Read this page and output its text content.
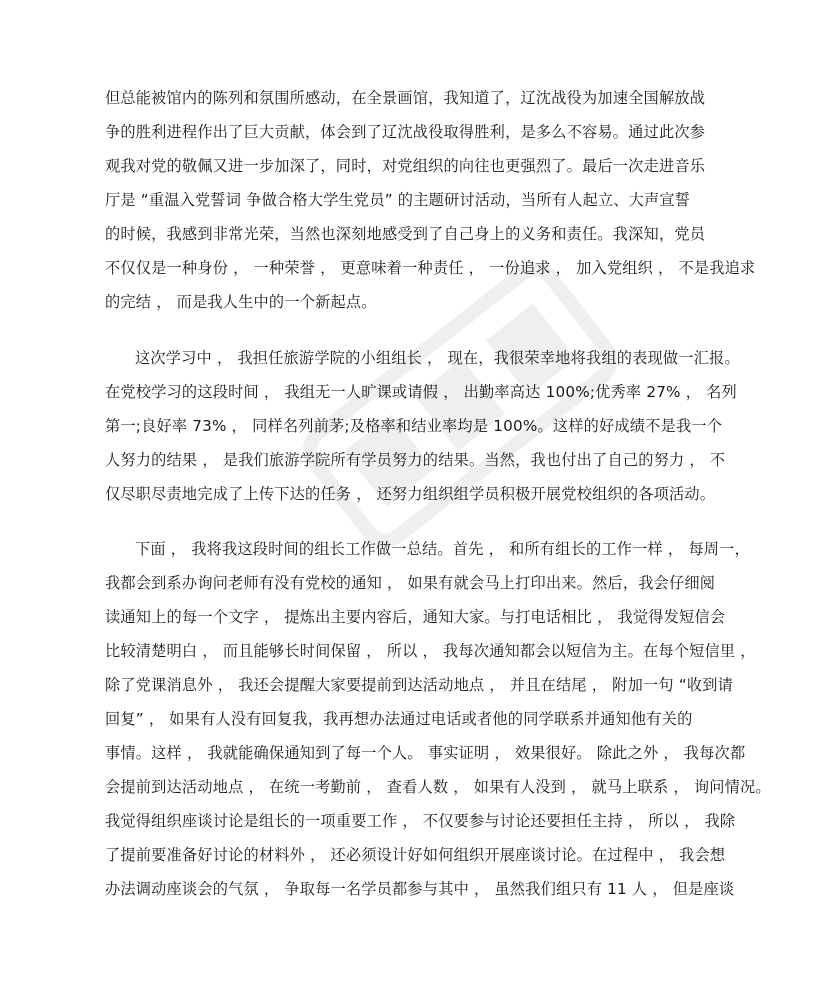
但总能被馆内的陈列和氛围所感动，在全景画馆，我知道了，辽沈战役为加速全国解放战
争的胜利进程作出了巨大贡献，体会到了辽沈战役取得胜利，是多么不容易。通过此次参
观我对党的敬佩又进一步加深了，同时，对党组织的向往也更强烈了。最后一次走进音乐
厅是 “重温入党誓词 争做合格大学生党员” 的主题研讨活动，当所有人起立、大声宣誓
的时候，我感到非常光荣，当然也深刻地感受到了自己身上的义务和责任。我深知，党员
不仅仅是一种身份 ， 一种荣誉 ， 更意味着一种责任 ， 一份追求 ， 加入党组织 ， 不是我追求
的完结 ， 而是我人生中的一个新起点。
这次学习中 ， 我担任旅游学院的小组组长 ， 现在，我很荣幸地将我组的表现做一汇报。
在党校学习的这段时间 ， 我组无一人旷课或请假 ， 出勤率高达 100%;优秀率 27% ， 名列
第一;良好率 73% ， 同样名列前茅;及格率和结业率均是 100%。这样的好成绩不是我一个
人努力的结果 ， 是我们旅游学院所有学员努力的结果。当然，我也付出了自己的努力 ， 不
仅尽职尽责地完成了上传下达的任务 ， 还努力组织组学员积极开展党校组织的各项活动。
下面 ， 我将我这段时间的组长工作做一总结。首先 ， 和所有组长的工作一样 ， 每周一，
我都会到系办询问老师有没有党校的通知 ， 如果有就会马上打印出来。然后，我会仔细阅
读通知上的每一个文字 ， 提炼出主要内容后，通知大家。与打电话相比 ， 我觉得发短信会
比较清楚明白 ， 而且能够长时间保留 ， 所以 ， 我每次通知都会以短信为主。在每个短信里 ，
除了党课消息外 ， 我还会提醒大家要提前到达活动地点 ， 并且在结尾 ， 附加一句 “收到请
回复” ， 如果有人没有回复我，我再想办法通过电话或者他的同学联系并通知他有关的
事情。这样 ， 我就能确保通知到了每一个人。 事实证明 ， 效果很好。 除此之外 ， 我每次都
会提前到达活动地点 ， 在统一考勤前 ， 查看人数 ， 如果有人没到 ， 就马上联系 ， 询问情况。
我觉得组织座谈讨论是组长的一项重要工作 ， 不仅要参与讨论还要担任主持 ， 所以 ， 我除
了提前要准备好讨论的材料外 ， 还必须设计好如何组织开展座谈讨论。在过程中 ， 我会想
办法调动座谈会的气氛 ， 争取每一名学员都参与其中 ， 虽然我们组只有 11 人 ， 但是座谈
